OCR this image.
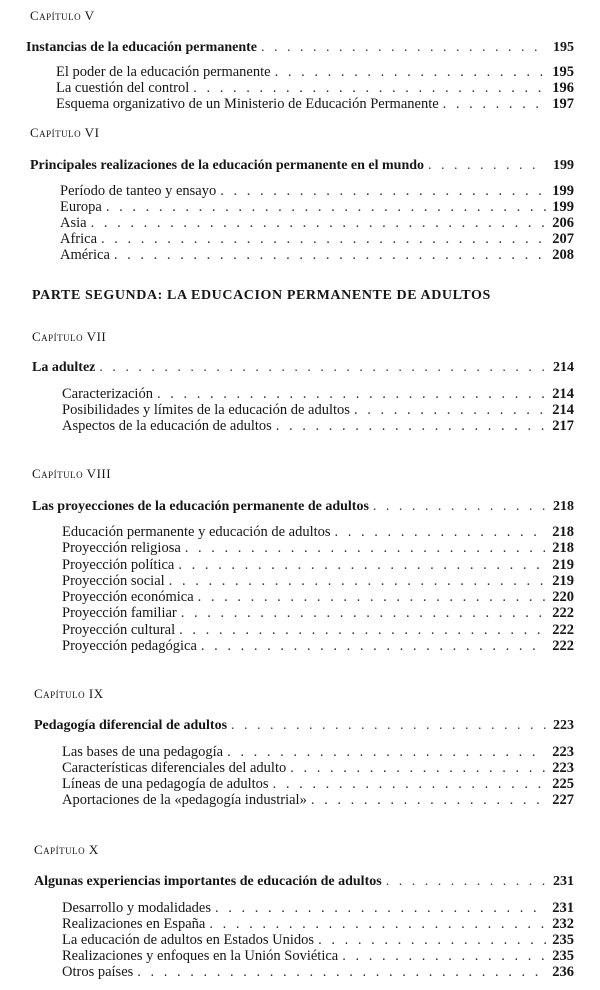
Capítulo V
Instancias de la educación permanente . . .	195
El poder de la educación permanente . . .	195
La cuestión del control . . .	196
Esquema organizativo de un Ministerio de Educación Permanente . . .	197
Capítulo VI
Principales realizaciones de la educación permanente en el mundo . . .	199
Período de tanteo y ensayo . . .	199
Europa . . .	199
Asia . . .	206
Africa . . .	207
América . . .	208
PARTE SEGUNDA: LA EDUCACION PERMANENTE DE ADULTOS
Capítulo VII
La adultez . . .	214
Caracterización . . .	214
Posibilidades y límites de la educación de adultos . . .	214
Aspectos de la educación de adultos . . .	217
Capítulo VIII
Las proyecciones de la educación permanente de adultos . . .	218
Educación permanente y educación de adultos . . .	218
Proyección religiosa . . .	218
Proyección política . . .	219
Proyección social . . .	219
Proyección económica . . .	220
Proyección familiar . . .	222
Proyección cultural . . .	222
Proyección pedagógica . . .	222
Capítulo IX
Pedagogía diferencial de adultos . . .	223
Las bases de una pedagogía . . .	223
Características diferenciales del adulto . . .	223
Líneas de una pedagogía de adultos . . .	225
Aportaciones de la «pedagogía industrial» . . .	227
Capítulo X
Algunas experiencias importantes de educación de adultos . . .	231
Desarrollo y modalidades . . .	231
Realizaciones en España . . .	232
La educación de adultos en Estados Unidos . . .	235
Realizaciones y enfoques en la Unión Soviética . . .	235
Otros países . . .	236
